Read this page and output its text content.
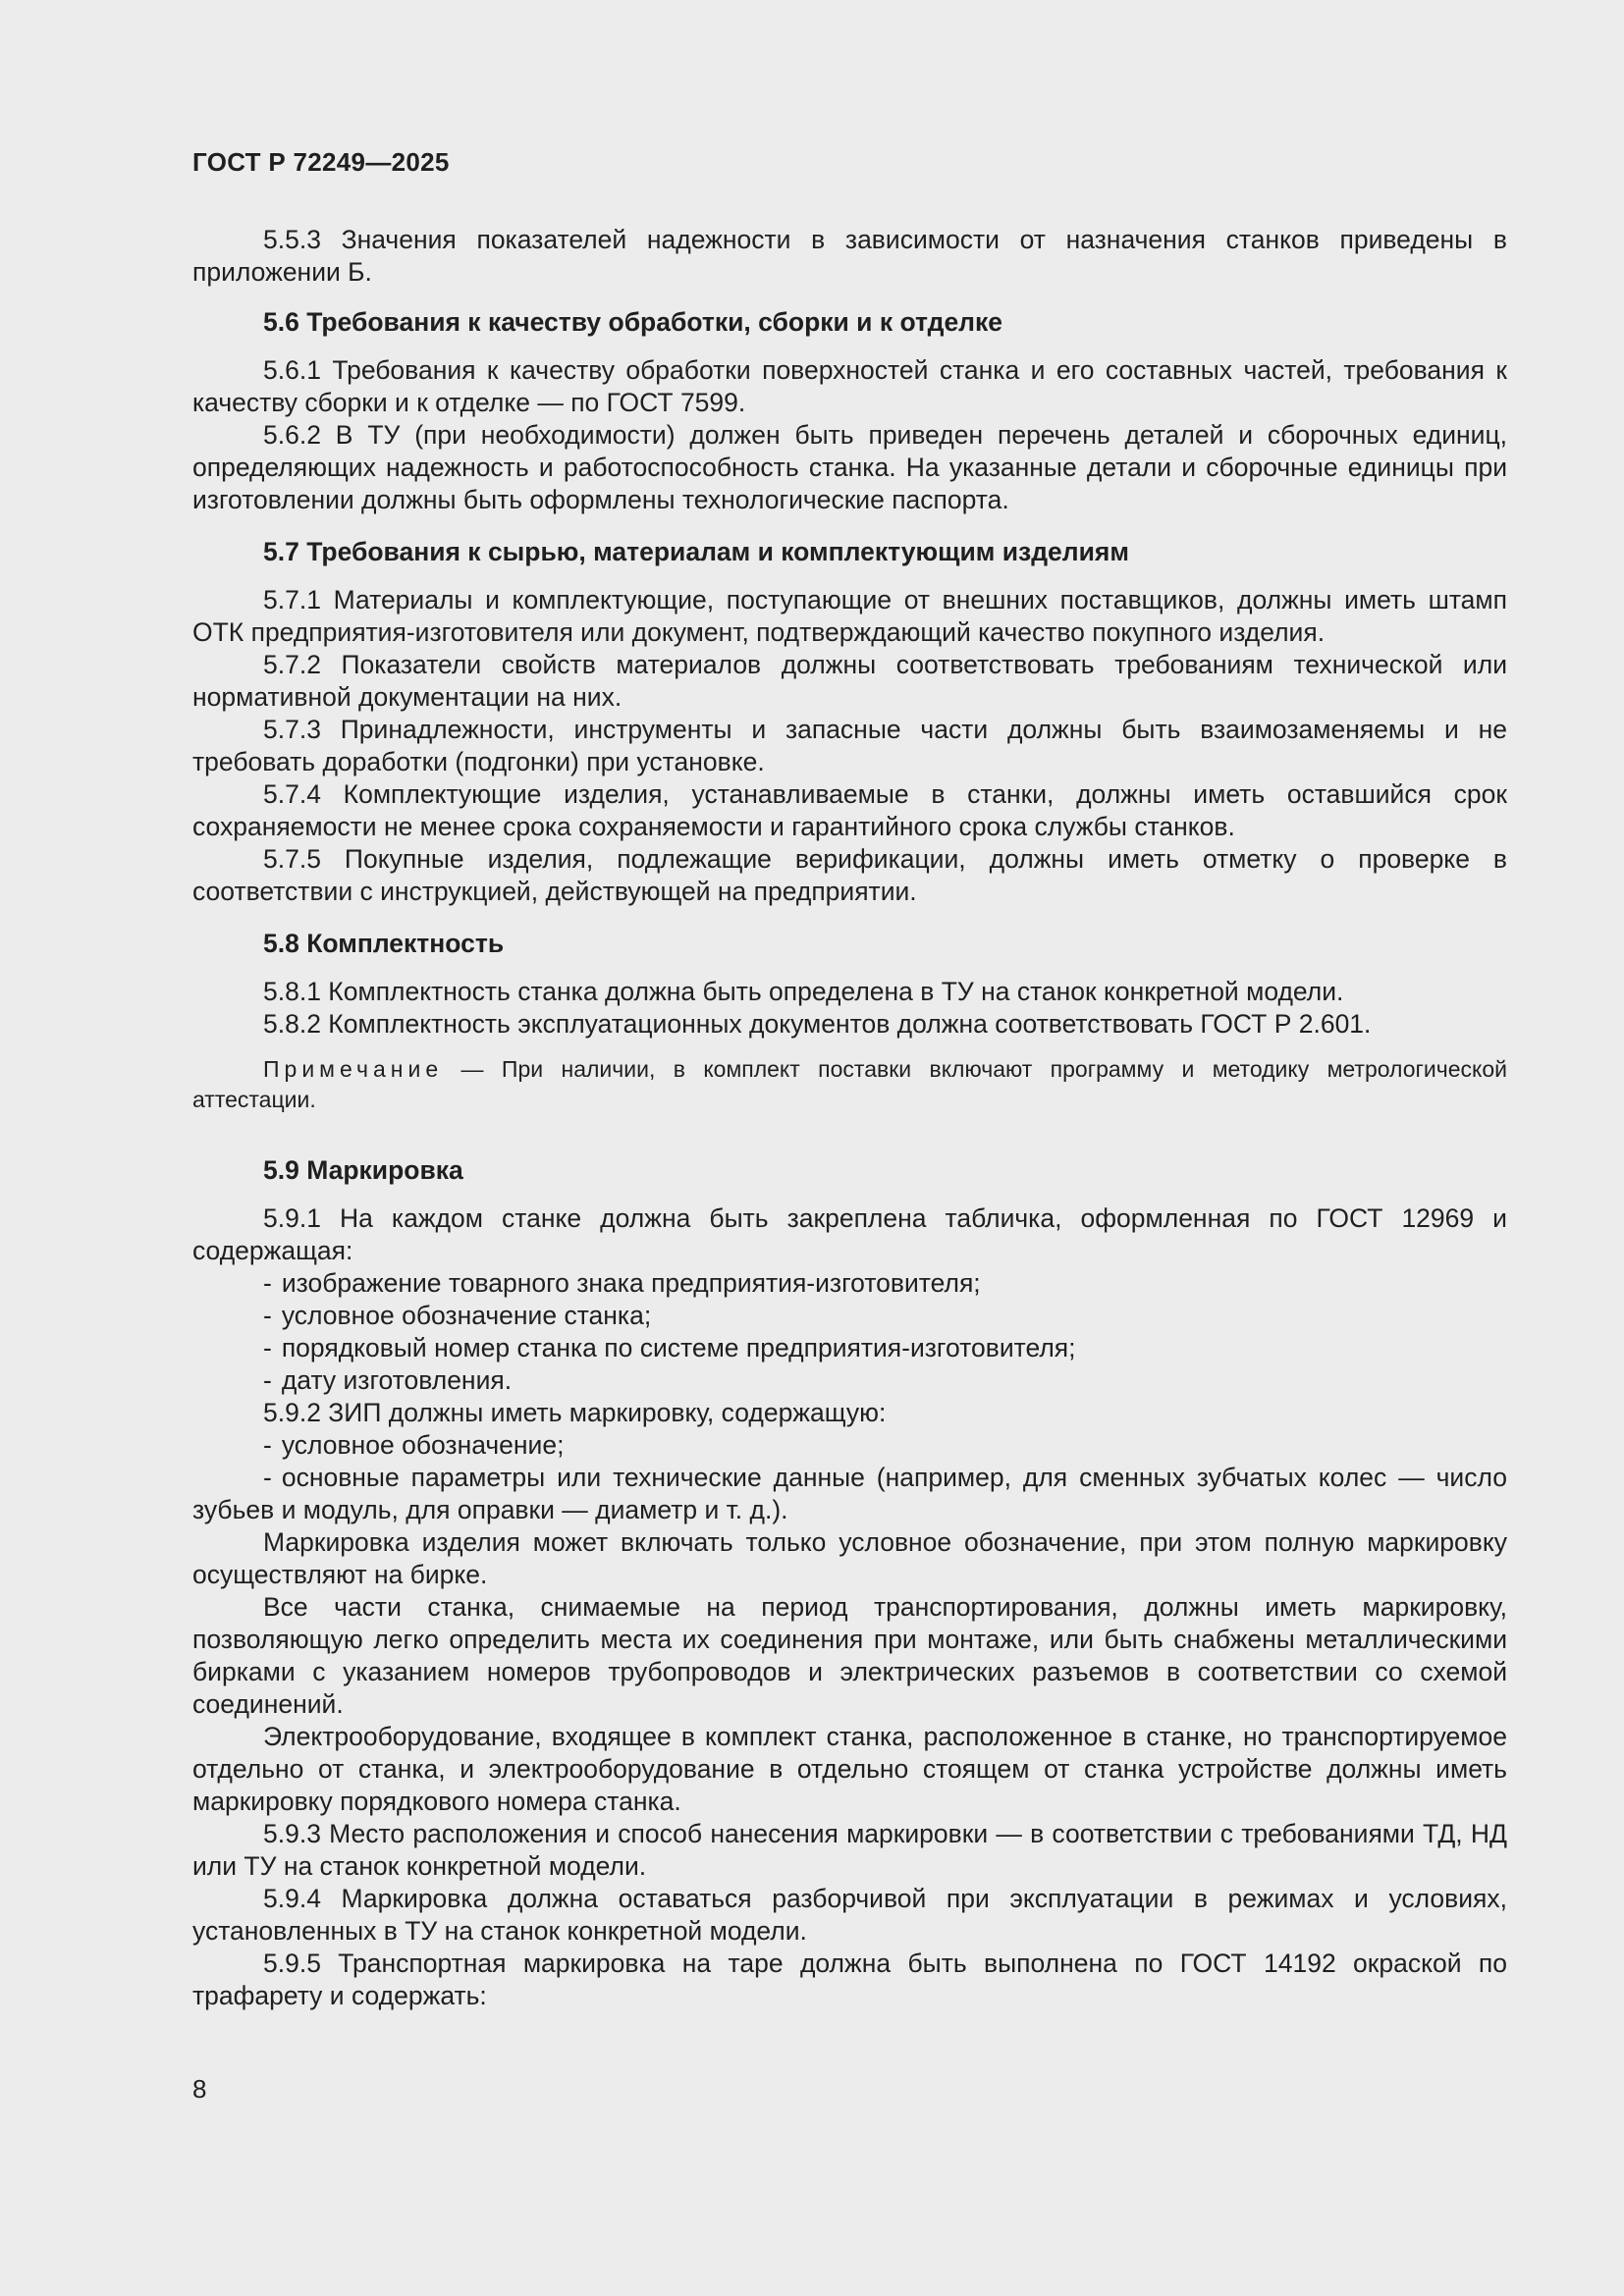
ГОСТ Р 72249—2025

5.5.3 Значения показателей надежности в зависимости от назначения станков приведены в приложении Б.

5.6 Требования к качеству обработки, сборки и к отделке

5.6.1 Требования к качеству обработки поверхностей станка и его составных частей, требования к качеству сборки и к отделке — по ГОСТ 7599.

5.6.2 В ТУ (при необходимости) должен быть приведен перечень деталей и сборочных единиц, определяющих надежность и работоспособность станка. На указанные детали и сборочные единицы при изготовлении должны быть оформлены технологические паспорта.

5.7 Требования к сырью, материалам и комплектующим изделиям

5.7.1 Материалы и комплектующие, поступающие от внешних поставщиков, должны иметь штамп ОТК предприятия-изготовителя или документ, подтверждающий качество покупного изделия.

5.7.2 Показатели свойств материалов должны соответствовать требованиям технической или нормативной документации на них.

5.7.3 Принадлежности, инструменты и запасные части должны быть взаимозаменяемы и не требовать доработки (подгонки) при установке.

5.7.4 Комплектующие изделия, устанавливаемые в станки, должны иметь оставшийся срок сохраняемости не менее срока сохраняемости и гарантийного срока службы станков.

5.7.5 Покупные изделия, подлежащие верификации, должны иметь отметку о проверке в соответствии с инструкцией, действующей на предприятии.

5.8 Комплектность

5.8.1 Комплектность станка должна быть определена в ТУ на станок конкретной модели.

5.8.2 Комплектность эксплуатационных документов должна соответствовать ГОСТ Р 2.601.

Примечание — При наличии, в комплект поставки включают программу и методику метрологической аттестации.

5.9 Маркировка

5.9.1 На каждом станке должна быть закреплена табличка, оформленная по ГОСТ 12969 и содержащая:

- изображение товарного знака предприятия-изготовителя;

- условное обозначение станка;

- порядковый номер станка по системе предприятия-изготовителя;

- дату изготовления.

5.9.2 ЗИП должны иметь маркировку, содержащую:

- условное обозначение;

- основные параметры или технические данные (например, для сменных зубчатых колес — число зубьев и модуль, для оправки — диаметр и т. д.).

Маркировка изделия может включать только условное обозначение, при этом полную маркировку осуществляют на бирке.

Все части станка, снимаемые на период транспортирования, должны иметь маркировку, позволяющую легко определить места их соединения при монтаже, или быть снабжены металлическими бирками с указанием номеров трубопроводов и электрических разъемов в соответствии со схемой соединений.

Электрооборудование, входящее в комплект станка, расположенное в станке, но транспортируемое отдельно от станка, и электрооборудование в отдельно стоящем от станка устройстве должны иметь маркировку порядкового номера станка.

5.9.3 Место расположения и способ нанесения маркировки — в соответствии с требованиями ТД, НД или ТУ на станок конкретной модели.

5.9.4 Маркировка должна оставаться разборчивой при эксплуатации в режимах и условиях, установленных в ТУ на станок конкретной модели.

5.9.5 Транспортная маркировка на таре должна быть выполнена по ГОСТ 14192 окраской по трафарету и содержать:

8
